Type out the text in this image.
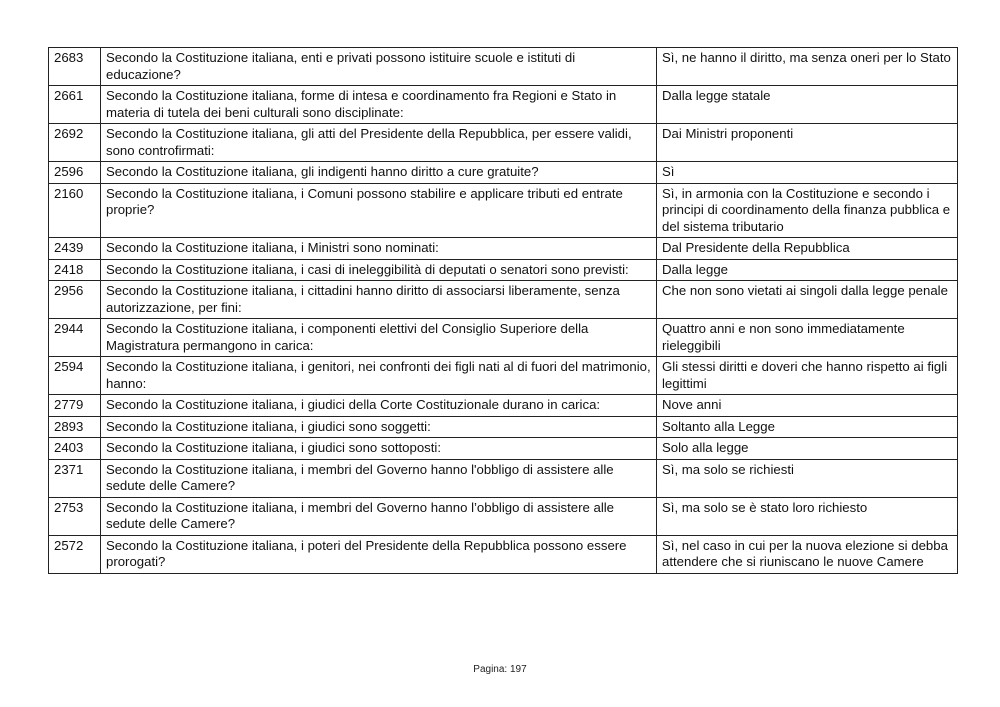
2683	Secondo la Costituzione italiana, enti e privati possono istituire scuole e istituti di educazione?	Sì, ne hanno il diritto, ma senza oneri per lo Stato
2661	Secondo la Costituzione italiana, forme di intesa e coordinamento fra Regioni e Stato in materia di tutela dei beni culturali sono disciplinate:	Dalla legge statale
2692	Secondo la Costituzione italiana, gli atti del Presidente della Repubblica, per essere validi, sono controfirmati:	Dai Ministri proponenti
2596	Secondo la Costituzione italiana, gli indigenti hanno diritto a cure gratuite?	Sì
2160	Secondo la Costituzione italiana, i Comuni possono stabilire e applicare tributi ed entrate proprie?	Sì, in armonia con la Costituzione e secondo i principi di coordinamento della finanza pubblica e del sistema tributario
2439	Secondo la Costituzione italiana, i Ministri sono nominati:	Dal Presidente della Repubblica
2418	Secondo la Costituzione italiana, i casi di ineleggibilità di deputati o senatori sono previsti:	Dalla legge
2956	Secondo la Costituzione italiana, i cittadini hanno diritto di associarsi liberamente, senza autorizzazione, per fini:	Che non sono vietati ai singoli dalla legge penale
2944	Secondo la Costituzione italiana, i componenti elettivi del Consiglio Superiore della Magistratura permangono in carica:	Quattro anni e non sono immediatamente rieleggibili
2594	Secondo la Costituzione italiana, i genitori, nei confronti dei figli nati al di fuori del matrimonio, hanno:	Gli stessi diritti e doveri che hanno rispetto ai figli legittimi
2779	Secondo la Costituzione italiana, i giudici della Corte Costituzionale durano in carica:	Nove anni
2893	Secondo la Costituzione italiana, i giudici sono soggetti:	Soltanto alla Legge
2403	Secondo la Costituzione italiana, i giudici sono sottoposti:	Solo alla legge
2371	Secondo la Costituzione italiana, i membri del Governo hanno l'obbligo di assistere alle sedute delle Camere?	Sì, ma solo se richiesti
2753	Secondo la Costituzione italiana, i membri del Governo hanno l’obbligo di assistere alle sedute delle Camere?	Sì, ma solo se è stato loro richiesto
2572	Secondo la Costituzione italiana, i poteri del Presidente della Repubblica possono essere prorogati?	Sì, nel caso in cui per la nuova elezione si debba attendere che si riuniscano le nuove Camere
Pagina: 197
